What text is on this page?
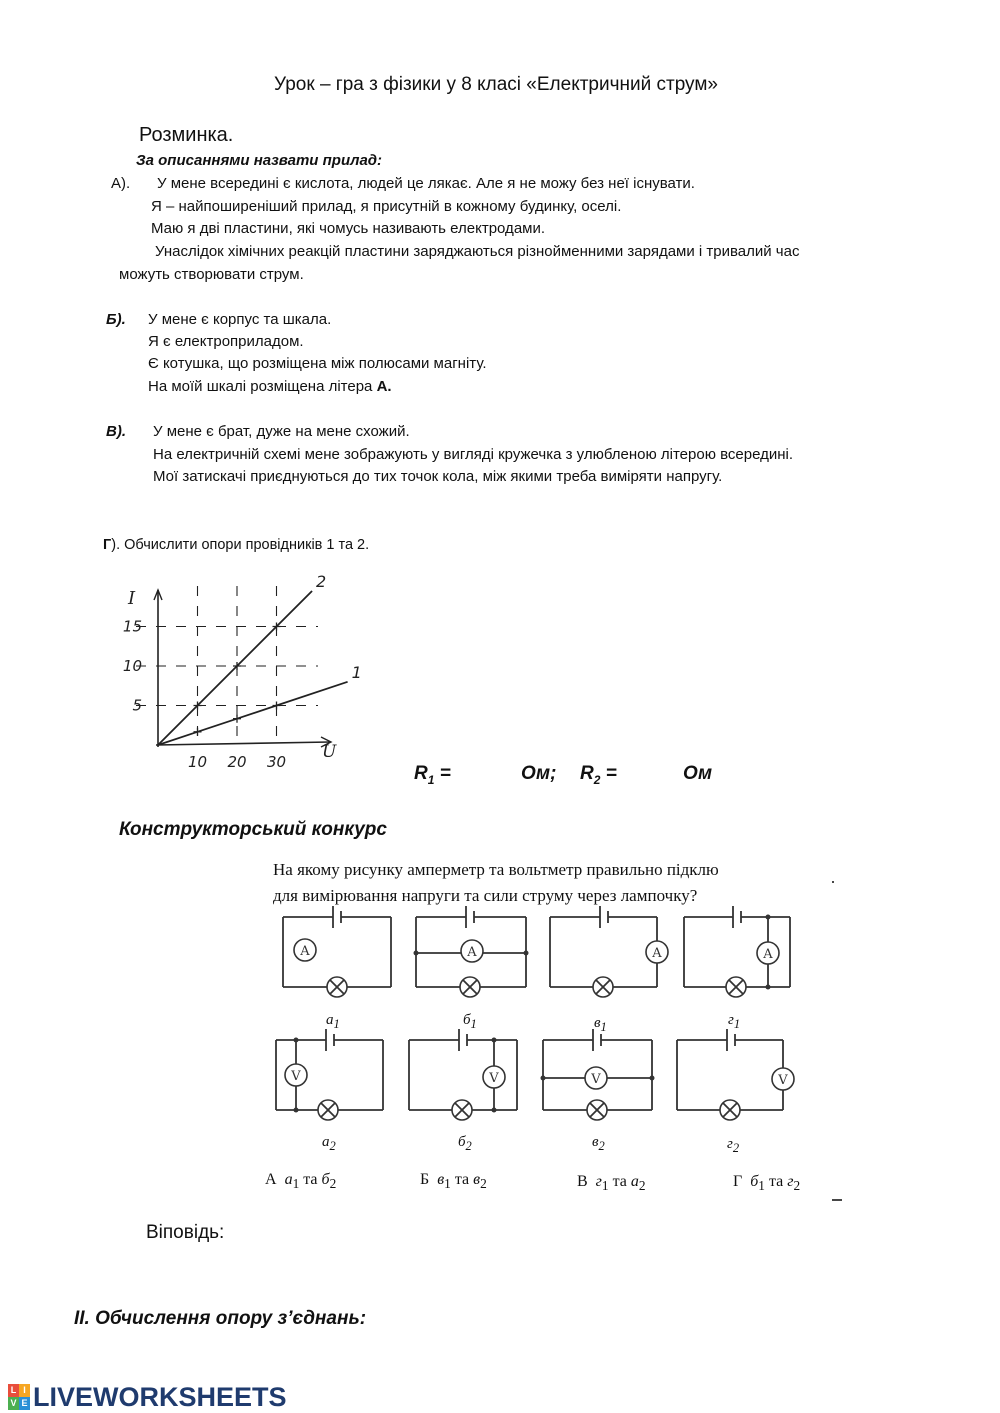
Урок – гра з фізики у 8 класі «Електричний струм»
Розминка.
За описаннями назвати прилад:
А). У мене всередині є кислота, людей це лякає. Але я не можу без неї існувати.
Я – найпоширеніший прилад, я присутній в кожному будинку, оселі.
Маю я дві пластини, які чомусь називають електродами.
Унаслідок хімічних реакцій пластини заряджаються різнойменними зарядами і тривалий час
можуть створювати струм.
Б). У мене є корпус та шкала.
Я є електроприладом.
Є котушка, що розміщена між полюсами магніту.
На моїй шкалі розміщена літера А.
В). У мене є брат, дуже на мене схожий.
На електричній схемі мене зображують у вигляді кружечка з улюбленою літерою всередині.
Мої затискачі приєднуються до тих точок кола, між якими треба виміряти напругу.
Г). Обчислити опори провідників 1 та 2.
10 20 30
5
10
15
I
U
1
2
$R_1$ =	Ом; $R_2$ =	Ом
Конструкторський конкурс
На якому рисунку амперметр та вольтметр правильно підклю
для вимірювання напруги та сили струму через лампочку?
A	A	A	A
V	V	V	V
$а_1$	$б_1$	$в_1$	$г_1$
$а_2$	$б_2$	$в_2$	$г_2$
А $а_1$ та $б_2$	Б $в_1$ та $в_2$	В $г_1$ та $а_2$	Г $б_1$ та $г_2$
Віповідь:
ІІ. Обчислення опору з’єднань:
L I
V E LIVEWORKSHEETS
